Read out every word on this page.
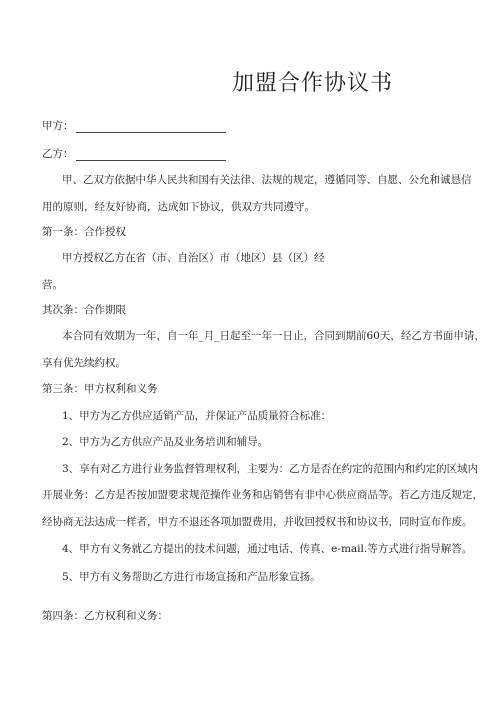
加盟合作协议书
甲方：
乙方：
甲、乙双方依据中华人民共和国有关法律、法规的规定，遵循同等、自愿、公允和诚恳信
用的原则，经友好协商，达成如下协议，供双方共同遵守。
第一条：合作授权
甲方授权乙方在省（市、自治区）市（地区）县（区）经
营。
其次条：合作期限
本合同有效期为一年，自一年_月_日起至一年一日止，合同到期前60天，经乙方书面申请，
享有优先续约权。
第三条：甲方权利和义务
1、甲方为乙方供应适销产品，并保证产品质量符合标准：
2、甲方为乙方供应产品及业务培训和辅导。
3、享有对乙方进行业务监督管理权利，主要为：乙方是否在约定的范围内和约定的区域内
开展业务：乙方是否按加盟要求规范操作业务和店销售有非中心供应商品等。若乙方违反规定，
经协商无法达成一样者，甲方不退还各项加盟费用，并收回授权书和协议书，同时宣布作废。
4、甲方有义务就乙方提出的技术问题，通过电话、传真、e-mail.等方式进行指导解答。
5、甲方有义务帮助乙方进行市场宣扬和产品形象宣扬。
第四条：乙方权利和义务：
